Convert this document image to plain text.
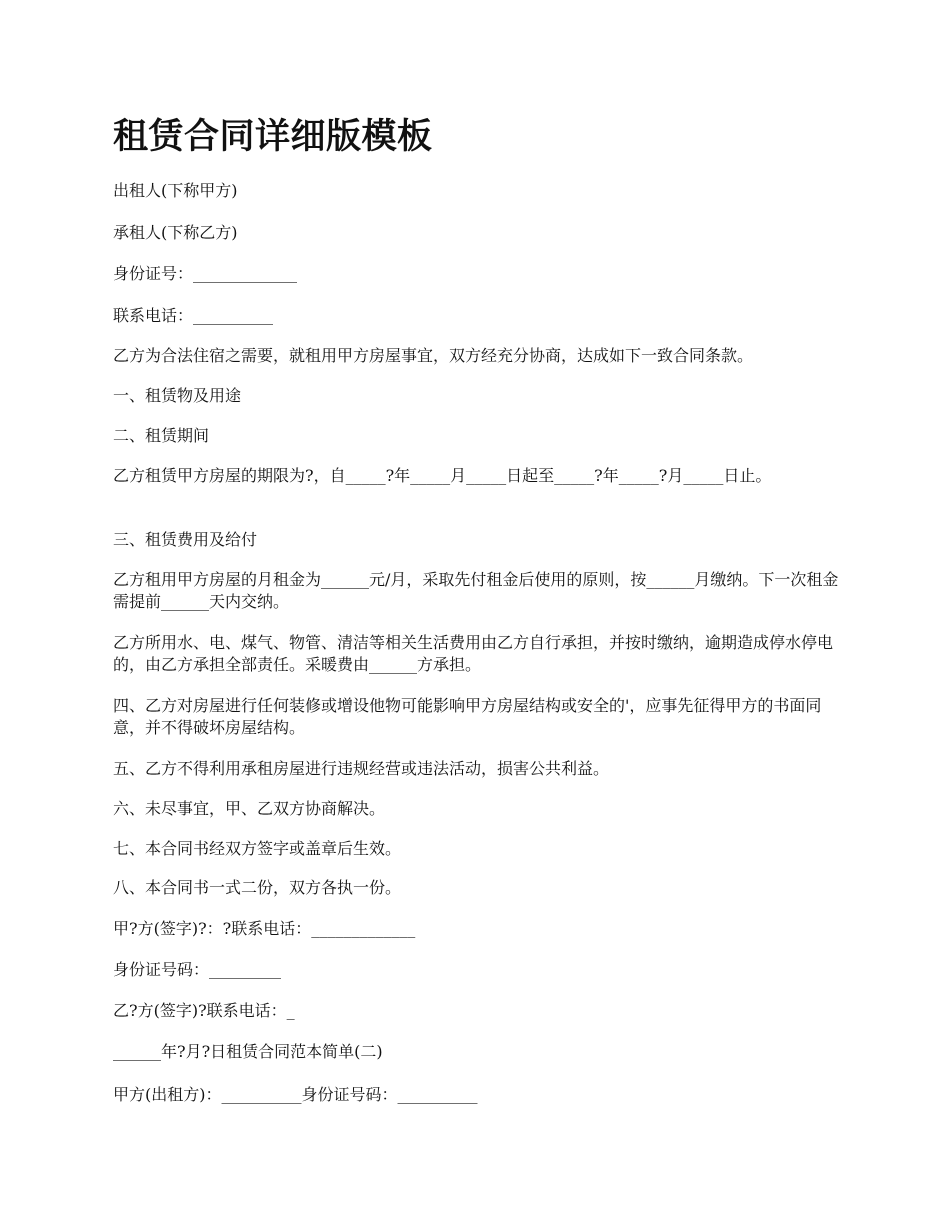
租赁合同详细版模板

出租人(下称甲方)

承租人(下称乙方)

身份证号：_____________

联系电话：__________

乙方为合法住宿之需要，就租用甲方房屋事宜，双方经充分协商，达成如下一致合同条款。

一、租赁物及用途

二、租赁期间

乙方租赁甲方房屋的期限为?，自_____?年_____月_____日起至_____?年_____?月_____日止。

三、租赁费用及给付

乙方租用甲方房屋的月租金为______元/月，采取先付租金后使用的原则，按______月缴纳。下一次租金需提前______天内交纳。

乙方所用水、电、煤气、物管、清洁等相关生活费用由乙方自行承担，并按时缴纳，逾期造成停水停电的，由乙方承担全部责任。采暖费由______方承担。

四、乙方对房屋进行任何装修或增设他物可能影响甲方房屋结构或安全的'，应事先征得甲方的书面同意，并不得破坏房屋结构。

五、乙方不得利用承租房屋进行违规经营或违法活动，损害公共利益。

六、未尽事宜，甲、乙双方协商解决。

七、本合同书经双方签字或盖章后生效。

八、本合同书一式二份，双方各执一份。

甲?方(签字)?：?联系电话：_____________

身份证号码：_________

乙?方(签字)?联系电话：_

______年?月?日租赁合同范本简单(二)

甲方(出租方)：__________身份证号码：__________
